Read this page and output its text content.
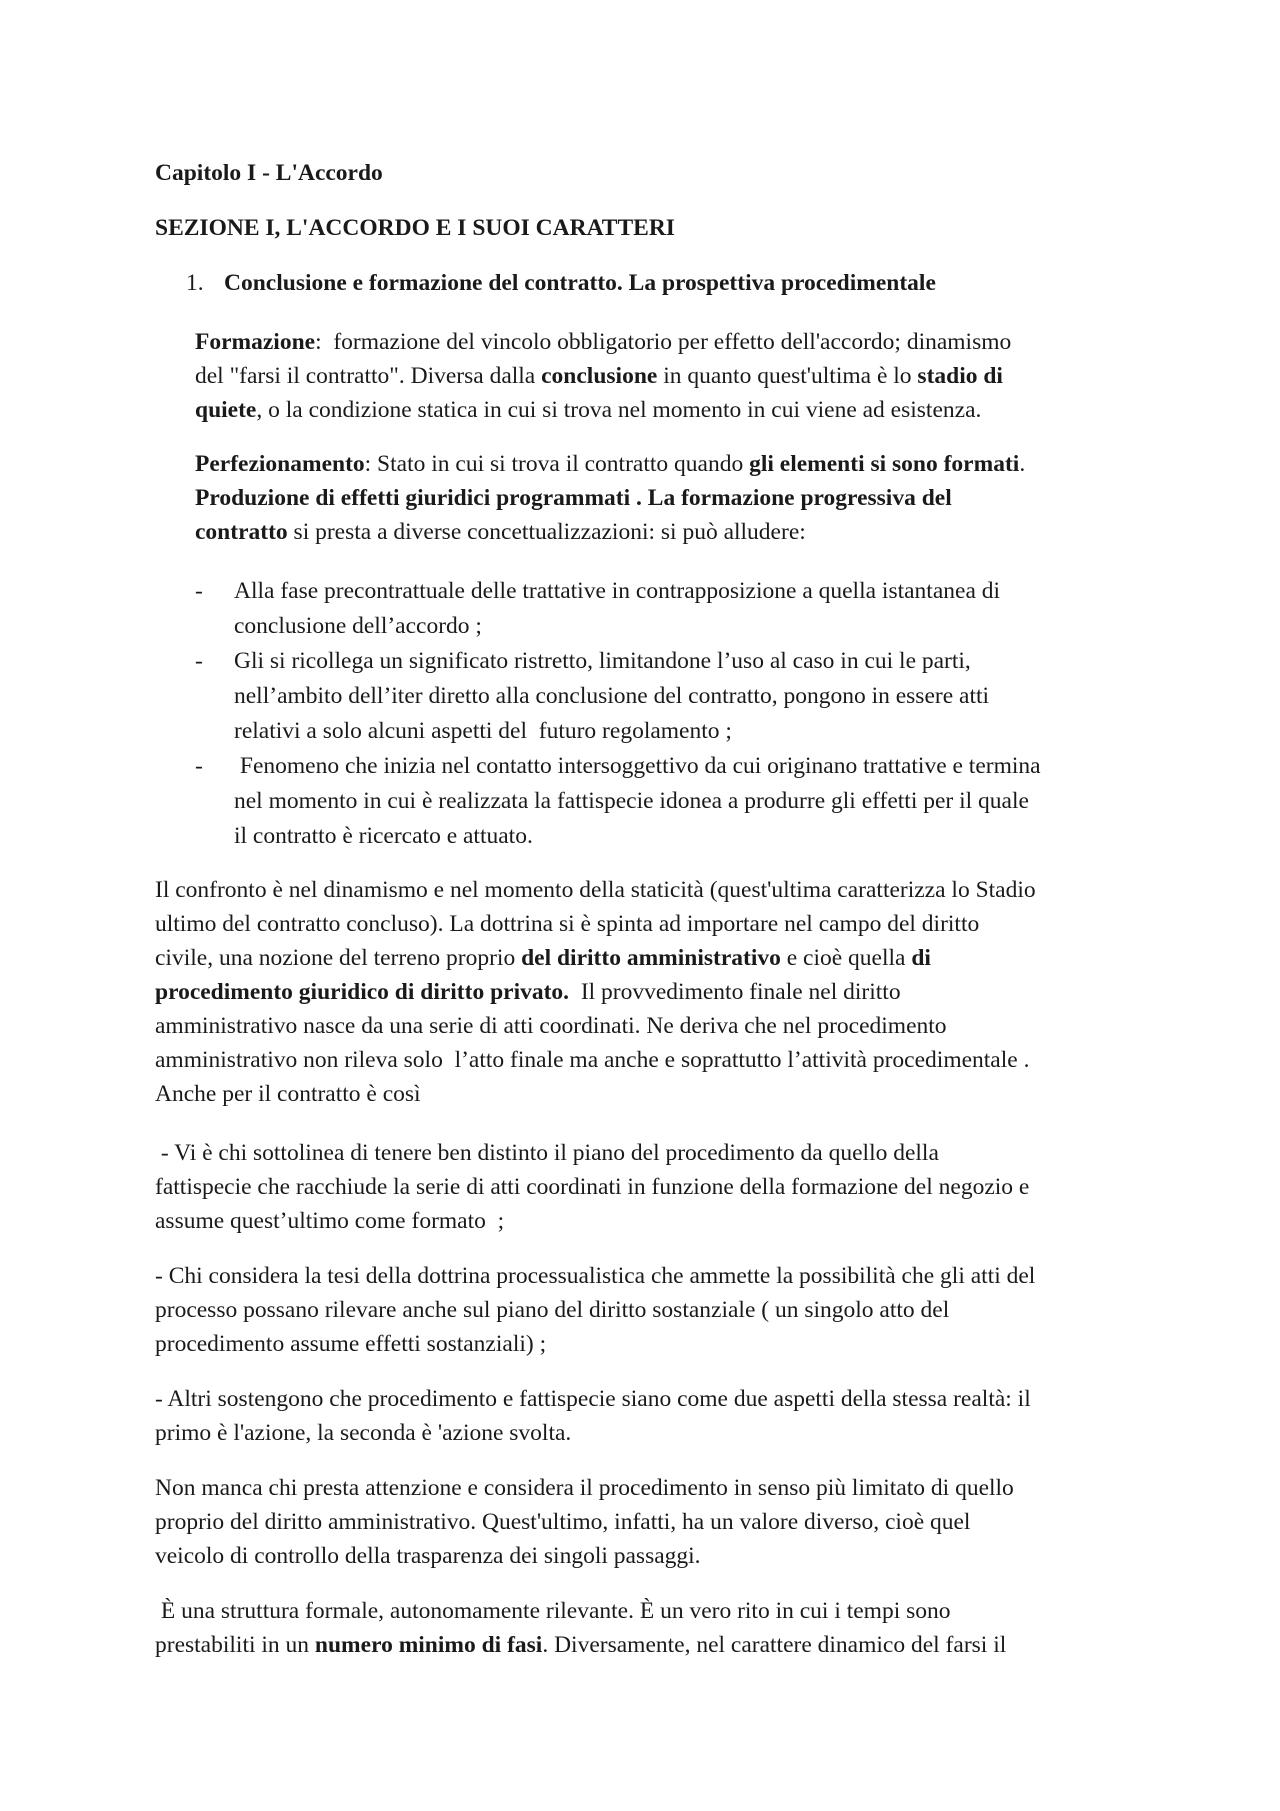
Capitolo I - L'Accordo
SEZIONE I, L'ACCORDO E I SUOI CARATTERI
1. Conclusione e formazione del contratto. La prospettiva procedimentale
Formazione:  formazione del vincolo obbligatorio per effetto dell'accordo; dinamismo
del "farsi il contratto". Diversa dalla conclusione in quanto quest'ultima è lo stadio di
quiete, o la condizione statica in cui si trova nel momento in cui viene ad esistenza.
Perfezionamento: Stato in cui si trova il contratto quando gli elementi si sono formati.
Produzione di effetti giuridici programmati . La formazione progressiva del
contratto si presta a diverse concettualizzazioni: si può alludere:
- Alla fase precontrattuale delle trattative in contrapposizione a quella istantanea di
conclusione dell’accordo ;
- Gli si ricollega un significato ristretto, limitandone l’uso al caso in cui le parti,
nell’ambito dell’iter diretto alla conclusione del contratto, pongono in essere atti
relativi a solo alcuni aspetti del  futuro regolamento ;
- Fenomeno che inizia nel contatto intersoggettivo da cui originano trattative e termina
nel momento in cui è realizzata la fattispecie idonea a produrre gli effetti per il quale
il contratto è ricercato e attuato.
Il confronto è nel dinamismo e nel momento della staticità (quest'ultima caratterizza lo Stadio
ultimo del contratto concluso). La dottrina si è spinta ad importare nel campo del diritto
civile, una nozione del terreno proprio del diritto amministrativo e cioè quella di
procedimento giuridico di diritto privato.  Il provvedimento finale nel diritto
amministrativo nasce da una serie di atti coordinati. Ne deriva che nel procedimento
amministrativo non rileva solo  l’atto finale ma anche e soprattutto l’attività procedimentale .
Anche per il contratto è così
- Vi è chi sottolinea di tenere ben distinto il piano del procedimento da quello della
fattispecie che racchiude la serie di atti coordinati in funzione della formazione del negozio e
assume quest’ultimo come formato  ;
- Chi considera la tesi della dottrina processualistica che ammette la possibilità che gli atti del
processo possano rilevare anche sul piano del diritto sostanziale ( un singolo atto del
procedimento assume effetti sostanziali) ;
- Altri sostengono che procedimento e fattispecie siano come due aspetti della stessa realtà: il
primo è l'azione, la seconda è 'azione svolta.
Non manca chi presta attenzione e considera il procedimento in senso più limitato di quello
proprio del diritto amministrativo. Quest'ultimo, infatti, ha un valore diverso, cioè quel
veicolo di controllo della trasparenza dei singoli passaggi.
È una struttura formale, autonomamente rilevante. È un vero rito in cui i tempi sono
prestabiliti in un numero minimo di fasi. Diversamente, nel carattere dinamico del farsi il
